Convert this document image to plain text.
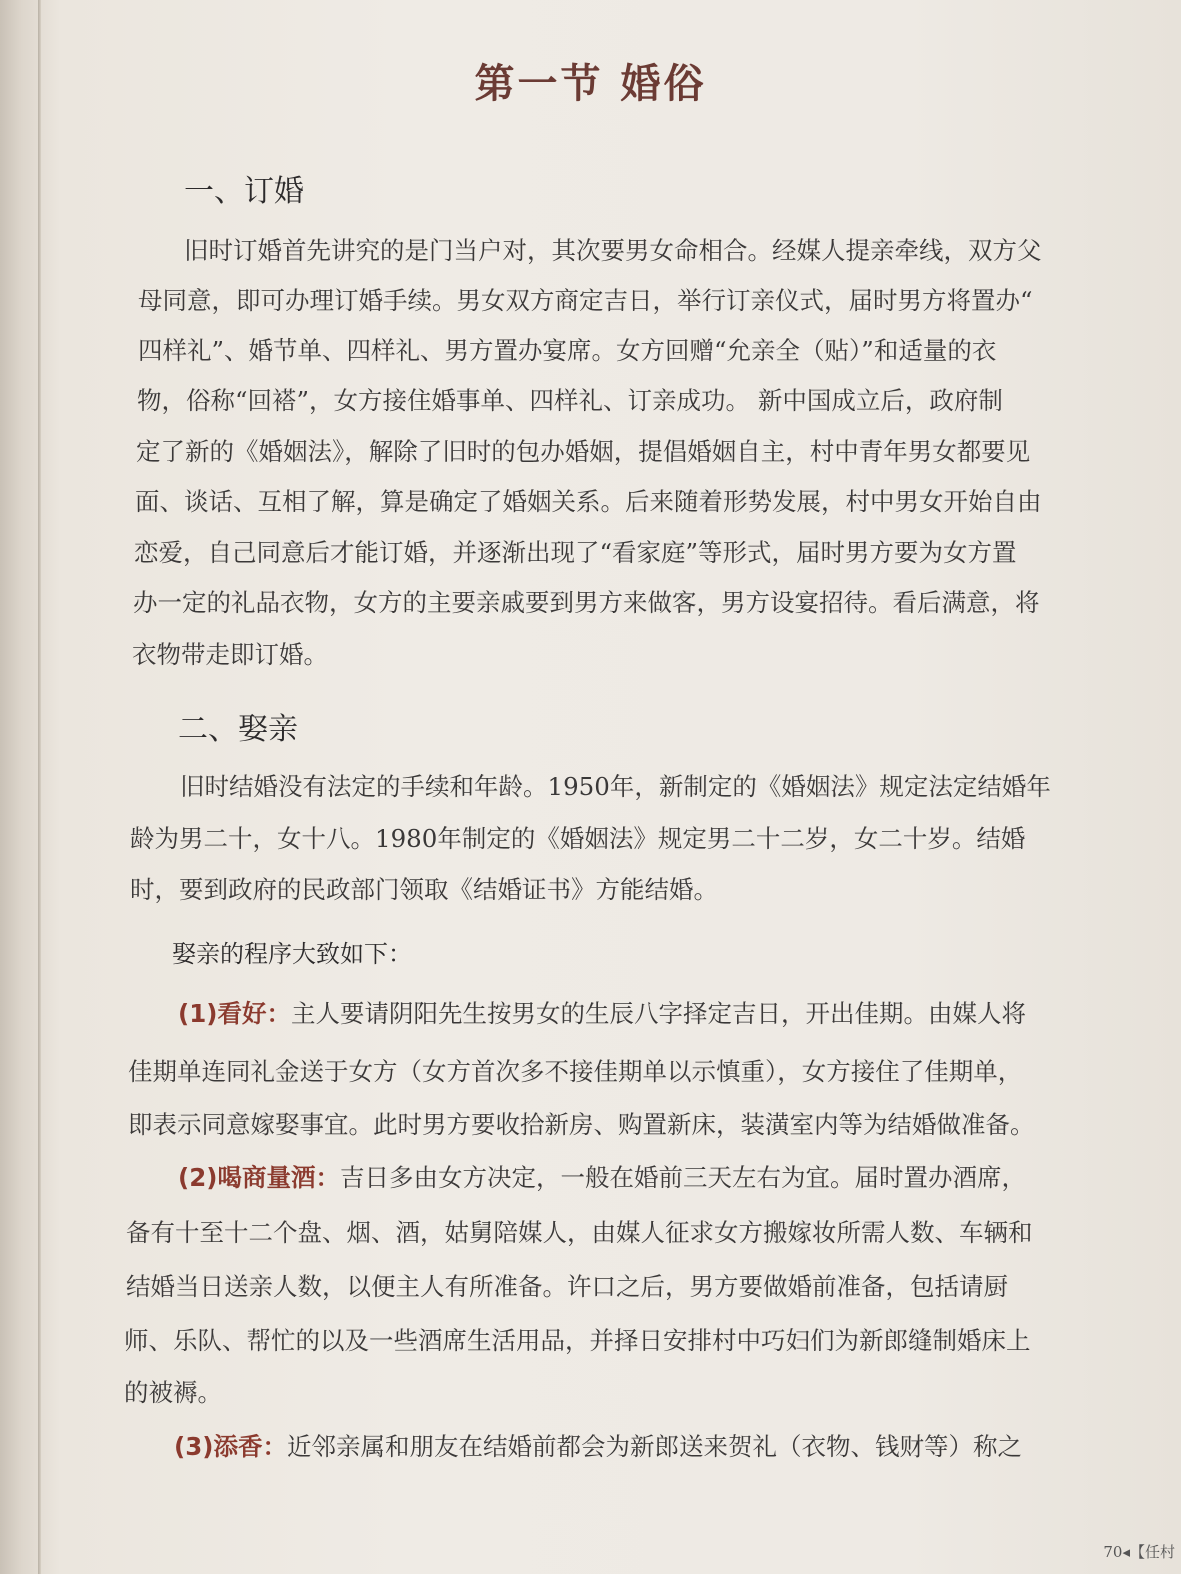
第一节 婚俗
一、订婚
旧时订婚首先讲究的是门当户对，其次要男女命相合。经媒人提亲牵线，双方父
母同意，即可办理订婚手续。男女双方商定吉日，举行订亲仪式，届时男方将置办“
四样礼”、婚节单、四样礼、男方置办宴席。女方回赠“允亲全（贴）”和适量的衣
物，俗称“回褡”，女方接住婚事单、四样礼、订亲成功。 新中国成立后，政府制
定了新的《婚姻法》，解除了旧时的包办婚姻，提倡婚姻自主，村中青年男女都要见
面、谈话、互相了解，算是确定了婚姻关系。后来随着形势发展，村中男女开始自由
恋爱，自己同意后才能订婚，并逐渐出现了“看家庭”等形式，届时男方要为女方置
办一定的礼品衣物，女方的主要亲戚要到男方来做客，男方设宴招待。看后满意，将
衣物带走即订婚。
二、娶亲
旧时结婚没有法定的手续和年龄。1950年，新制定的《婚姻法》规定法定结婚年
龄为男二十，女十八。1980年制定的《婚姻法》规定男二十二岁，女二十岁。结婚
时，要到政府的民政部门领取《结婚证书》方能结婚。
娶亲的程序大致如下：
(1)看好：主人要请阴阳先生按男女的生辰八字择定吉日，开出佳期。由媒人将
佳期单连同礼金送于女方（女方首次多不接佳期单以示慎重），女方接住了佳期单，
即表示同意嫁娶事宜。此时男方要收拾新房、购置新床，装潢室内等为结婚做准备。
(2)喝商量酒：吉日多由女方决定，一般在婚前三天左右为宜。届时置办酒席，
备有十至十二个盘、烟、酒，姑舅陪媒人，由媒人征求女方搬嫁妆所需人数、车辆和
结婚当日送亲人数，以便主人有所准备。许口之后，男方要做婚前准备，包括请厨
师、乐队、帮忙的以及一些酒席生活用品，并择日安排村中巧妇们为新郎缝制婚床上
的被褥。
(3)添香：近邻亲属和朋友在结婚前都会为新郎送来贺礼（衣物、钱财等）称之
70◂【任村
